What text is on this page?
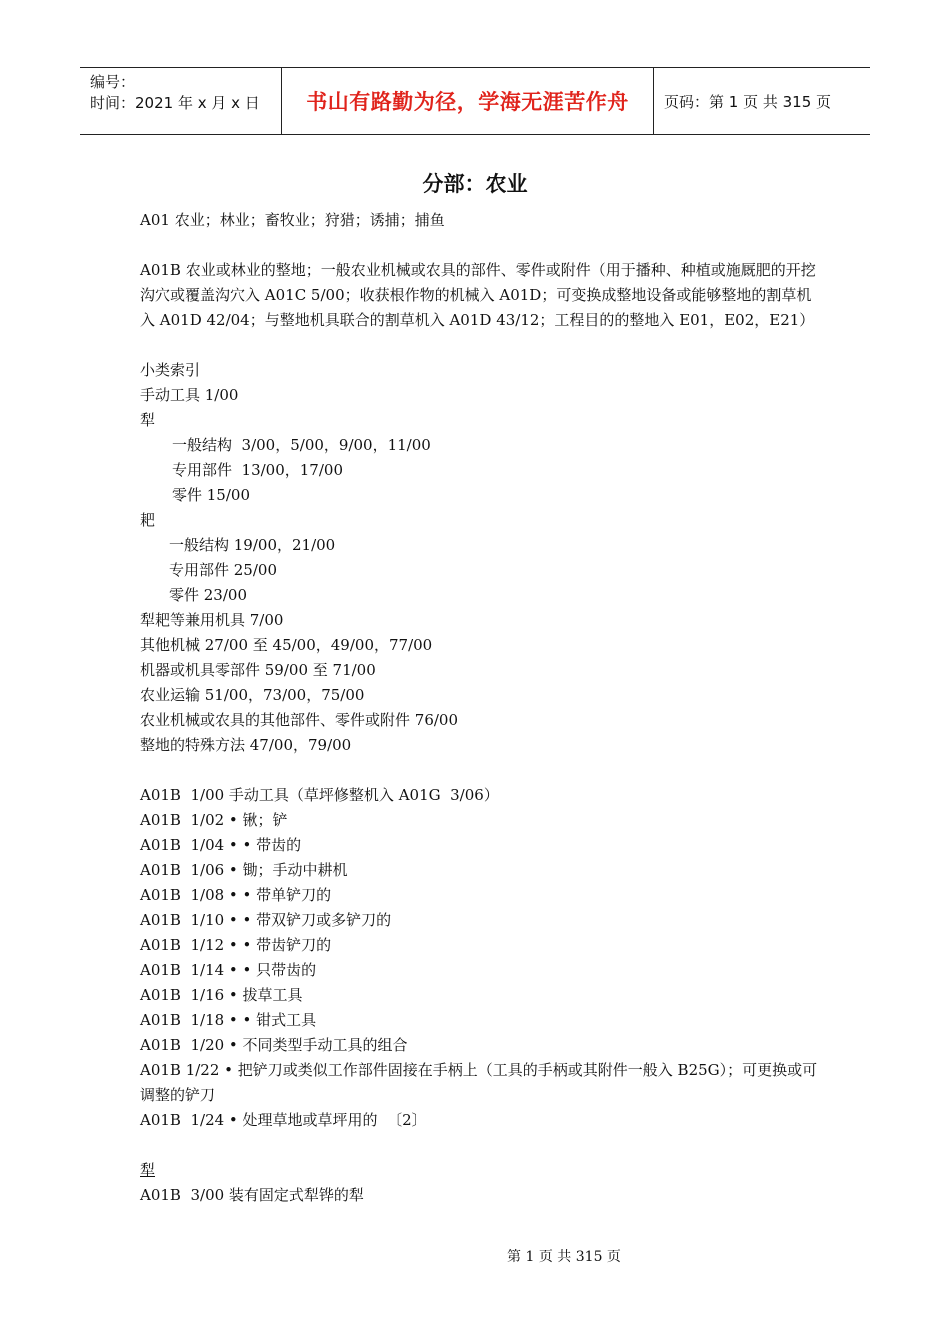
编号：
时间：2021 年 x 月 x 日	书山有路勤为径，学海无涯苦作舟	页码：第 1 页 共 315 页
分部：农业
A01 农业；林业；畜牧业；狩猎；诱捕；捕鱼
A01B 农业或林业的整地；一般农业机械或农具的部件、零件或附件（用于播种、种植或施厩肥的开挖沟穴或覆盖沟穴入 A01C 5/00；收获根作物的机械入 A01D；可变换成整地设备或能够整地的割草机入 A01D 42/04；与整地机具联合的割草机入 A01D 43/12；工程目的的整地入 E01，E02，E21）
小类索引
手动工具 1/00
犁
一般结构  3/00，5/00，9/00，11/00
专用部件  13/00，17/00
零件 15/00
耙
一般结构 19/00，21/00
专用部件 25/00
零件 23/00
犁耙等兼用机具 7/00
其他机械 27/00 至 45/00，49/00，77/00
机器或机具零部件 59/00 至 71/00
农业运输 51/00，73/00，75/00
农业机械或农具的其他部件、零件或附件 76/00
整地的特殊方法 47/00，79/00
A01B  1/00 手动工具（草坪修整机入 A01G  3/06）
A01B  1/02 • 锹；铲
A01B  1/04 • • 带齿的
A01B  1/06 • 锄；手动中耕机
A01B  1/08 • • 带单铲刀的
A01B  1/10 • • 带双铲刀或多铲刀的
A01B  1/12 • • 带齿铲刀的
A01B  1/14 • • 只带齿的
A01B  1/16 • 拔草工具
A01B  1/18 • • 钳式工具
A01B  1/20 • 不同类型手动工具的组合
A01B 1/22 • 把铲刀或类似工作部件固接在手柄上（工具的手柄或其附件一般入 B25G）；可更换或可调整的铲刀
A01B  1/24 • 处理草地或草坪用的  〔2〕
犁
A01B  3/00 装有固定式犁铧的犁
第 1 页 共 315 页
